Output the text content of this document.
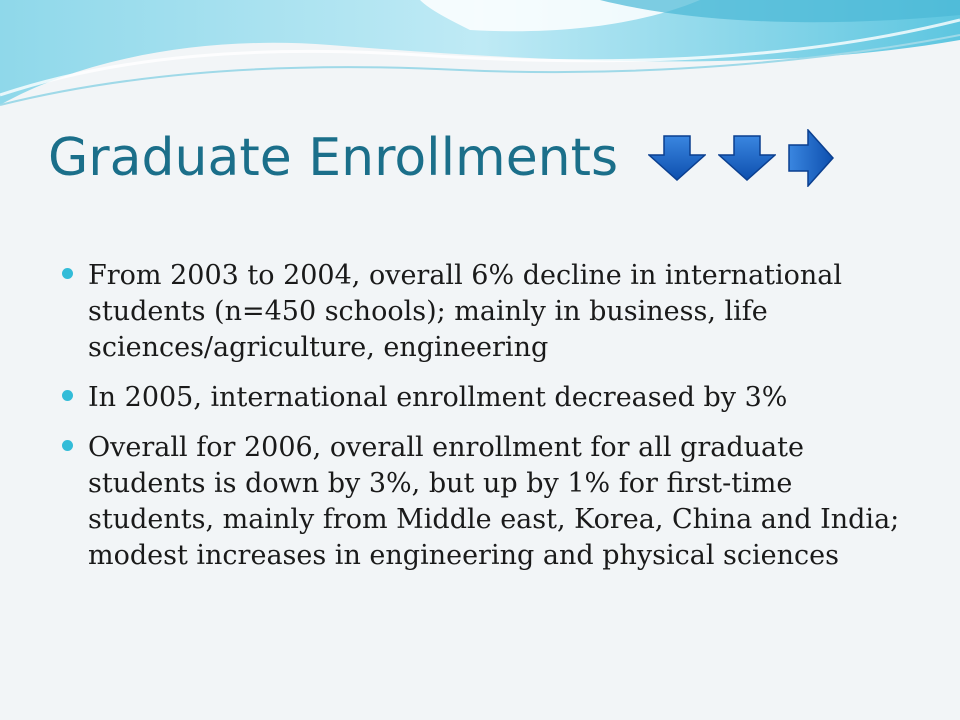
Graduate Enrollments
From 2003 to 2004, overall 6% decline in international students (n=450 schools); mainly in business, life sciences/agriculture, engineering
In 2005, international enrollment decreased by 3%
Overall for 2006, overall enrollment for all graduate students is down by 3%, but up by 1% for first-time students, mainly from Middle east, Korea, China and India; modest increases in engineering and physical sciences
